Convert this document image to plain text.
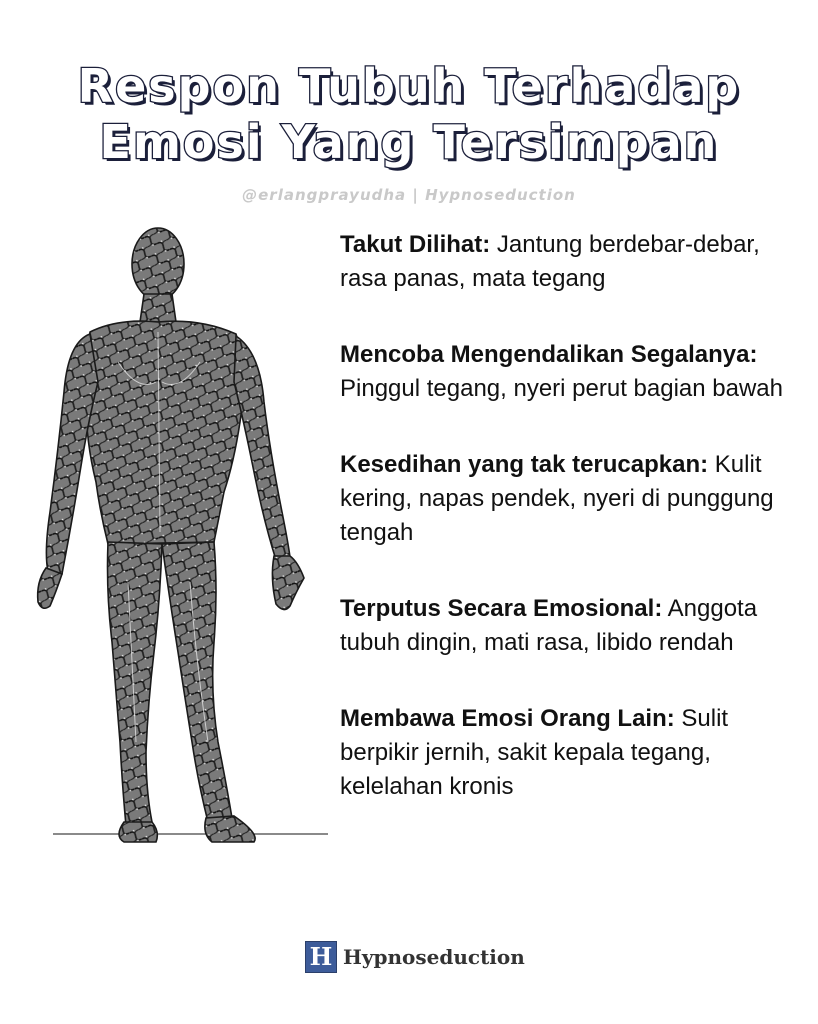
Respon Tubuh Terhadap
Emosi Yang Tersimpan
@erlangprayudha | Hypnoseduction

Takut Dilihat: Jantung berdebar-debar, rasa panas, mata tegang

Mencoba Mengendalikan Segalanya: Pinggul tegang, nyeri perut bagian bawah

Kesedihan yang tak terucapkan: Kulit kering, napas pendek, nyeri di punggung tengah

Terputus Secara Emosional: Anggota tubuh dingin, mati rasa, libido rendah

Membawa Emosi Orang Lain: Sulit berpikir jernih, sakit kepala tegang, kelelahan kronis

H Hypnoseduction
